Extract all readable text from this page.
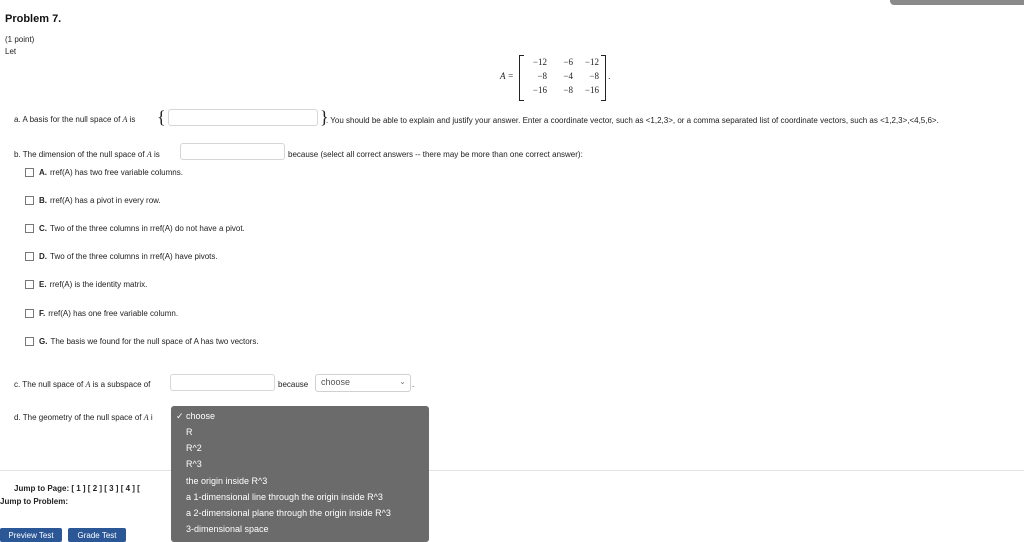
Problem 7.
(1 point)
Let
A =
−12	−6	−12
−8	−4	−8
−16	−8	−16
.
a. A basis for the null space of A is {	}
. You should be able to explain and justify your answer. Enter a coordinate vector, such as <1,2,3>, or a comma separated list of coordinate vectors, such as <1,2,3>,<4,5,6>.
b. The dimension of the null space of A is	because (select all correct answers -- there may be more than one correct answer):
A. rref(A) has two free variable columns.
B. rref(A) has a pivot in every row.
C. Two of the three columns in rref(A) do not have a pivot.
D. Two of the three columns in rref(A) have pivots.
E. rref(A) is the identity matrix.
F. rref(A) has one free variable column.
G. The basis we found for the null space of A has two vectors.
c. The null space of A is a subspace of	because	choose	⌄ .
d. The geometry of the null space of A i
Jump to Page: [ 1 ] [ 2 ] [ 3 ] [ 4 ] [
Jump to Problem:
Preview Test	Grade Test
✓ choose
R
R^2
R^3
the origin inside R^3
a 1-dimensional line through the origin inside R^3
a 2-dimensional plane through the origin inside R^3
3-dimensional space
